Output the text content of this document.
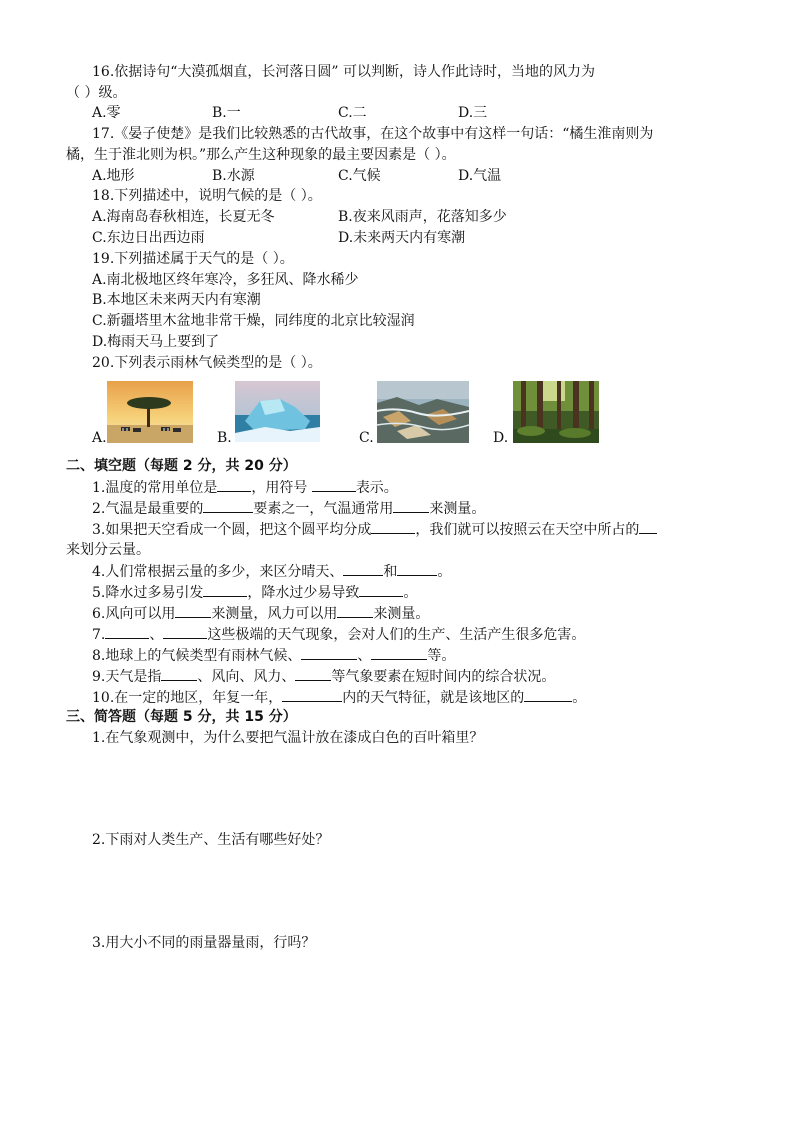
16.依据诗句“大漠孤烟直，长河落日圆” 可以判断，诗人作此诗时，当地的风力为
（ ）级。
A.零	B.一	C.二	D.三
17.《晏子使楚》是我们比较熟悉的古代故事，在这个故事中有这样一句话：“橘生淮南则为
橘，生于淮北则为枳。”那么产生这种现象的最主要因素是（ ）。
A.地形	B.水源	C.气候	D.气温
18.下列描述中，说明气候的是（ ）。
A.海南岛春秋相连，长夏无冬	B.夜来风雨声，花落知多少
C.东边日出西边雨	D.未来两天内有寒潮
19.下列描述属于天气的是（ ）。
A.南北极地区终年寒冷，多狂风、降水稀少
B.本地区未来两天内有寒潮
C.新疆塔里木盆地非常干燥，同纬度的北京比较湿润
D.梅雨天马上要到了
20.下列表示雨林气候类型的是（ ）。
A.	B.	C.	D.
二、填空题（每题 2 分，共 20 分）
1.温度的常用单位是 ，用符号	表示。
2.气温是最重要的	要素之一，气温通常用	来测量。
3.如果把天空看成一个圆，把这个圆平均分成	，我们就可以按照云在天空中所占的
来划分云量。
4.人们常根据云量的多少，来区分晴天、	和	。
5.降水过多易引发	，降水过少易导致	。
6.风向可以用	来测量，风力可以用	来测量。
7.	、	这些极端的天气现象，会对人们的生产、生活产生很多危害。
8.地球上的气候类型有雨林气候、	、	等。
9.天气是指	、风向、风力、	等气象要素在短时间内的综合状况。
10.在一定的地区，年复一年，	内的天气特征，就是该地区的	。
三、简答题（每题 5 分，共 15 分）
1.在气象观测中，为什么要把气温计放在漆成白色的百叶箱里？
2.下雨对人类生产、生活有哪些好处？
3.用大小不同的雨量器量雨，行吗？
